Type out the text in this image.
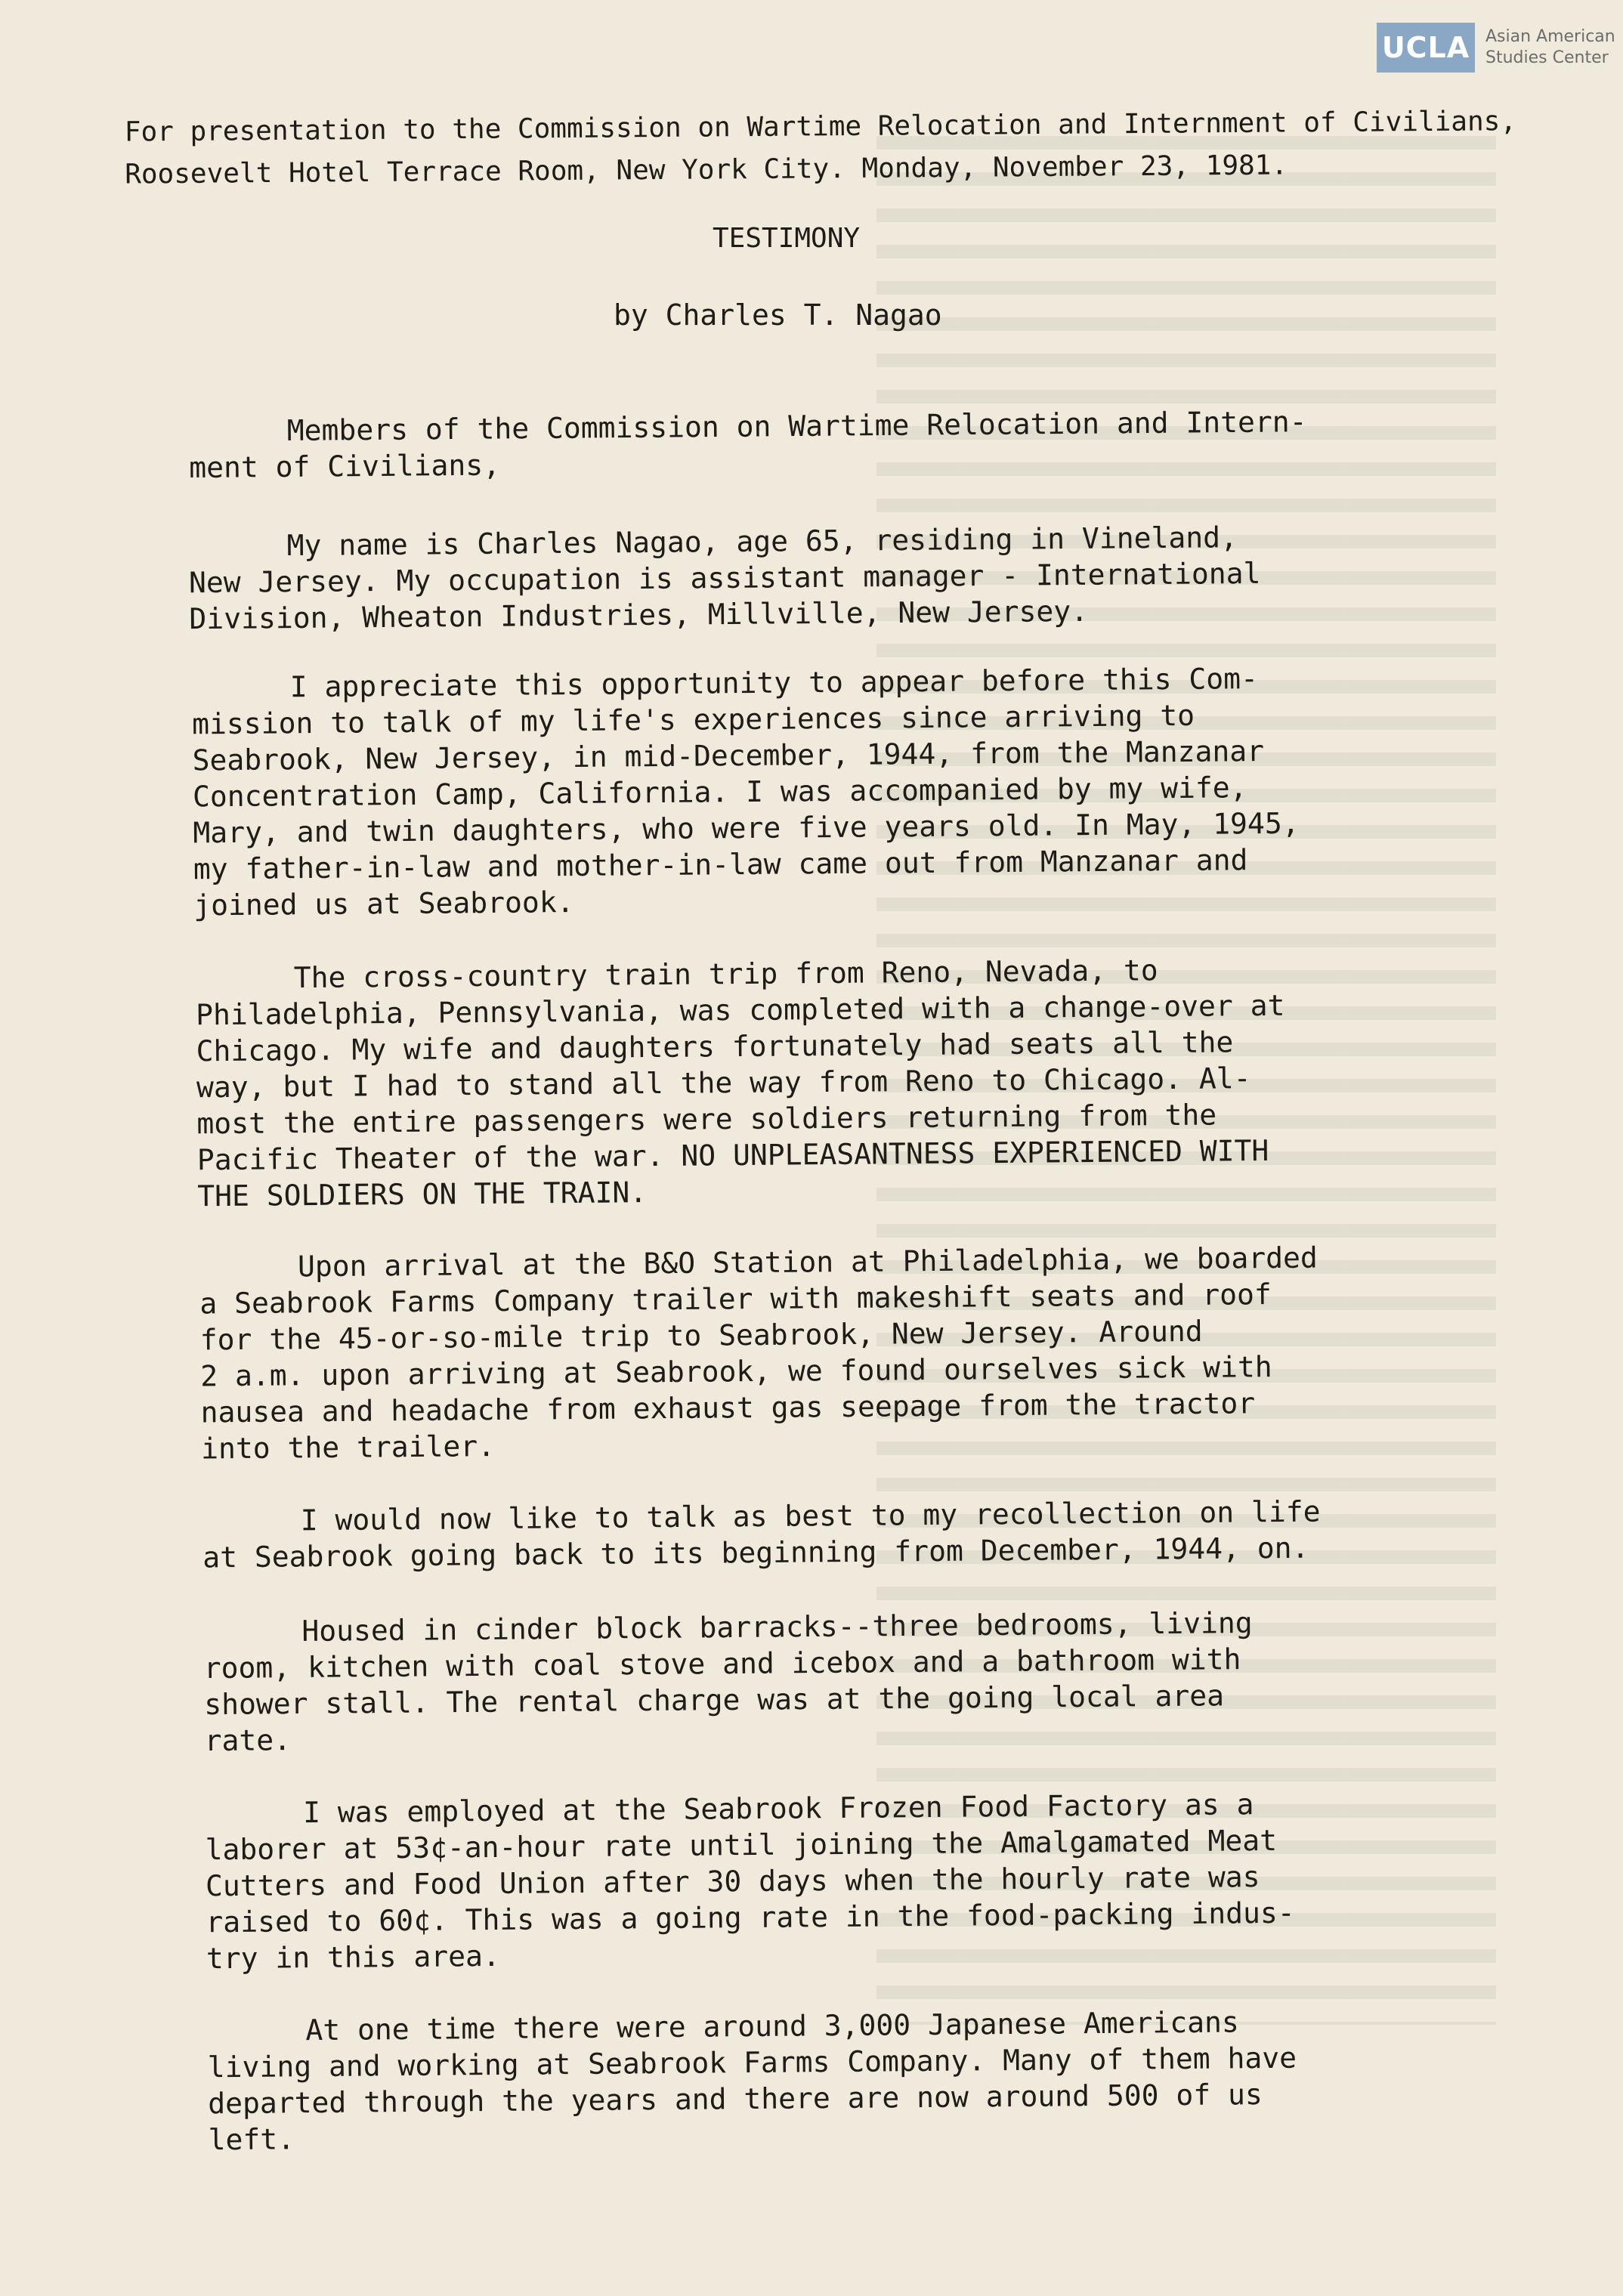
UCLA Asian American
Studies Center
For presentation to the Commission on Wartime Relocation and Internment of Civilians,
Roosevelt Hotel Terrace Room, New York City. Monday, November 23, 1981.
TESTIMONY
by Charles T. Nagao
Members of the Commission on Wartime Relocation and Intern-
ment of Civilians,
My name is Charles Nagao, age 65, residing in Vineland,
New Jersey. My occupation is assistant manager - International
Division, Wheaton Industries, Millville, New Jersey.
I appreciate this opportunity to appear before this Com-
mission to talk of my life's experiences since arriving to
Seabrook, New Jersey, in mid-December, 1944, from the Manzanar
Concentration Camp, California. I was accompanied by my wife,
Mary, and twin daughters, who were five years old. In May, 1945,
my father-in-law and mother-in-law came out from Manzanar and
joined us at Seabrook.
The cross-country train trip from Reno, Nevada, to
Philadelphia, Pennsylvania, was completed with a change-over at
Chicago. My wife and daughters fortunately had seats all the
way, but I had to stand all the way from Reno to Chicago. Al-
most the entire passengers were soldiers returning from the
Pacific Theater of the war. NO UNPLEASANTNESS EXPERIENCED WITH
THE SOLDIERS ON THE TRAIN.
Upon arrival at the B&O Station at Philadelphia, we boarded
a Seabrook Farms Company trailer with makeshift seats and roof
for the 45-or-so-mile trip to Seabrook, New Jersey. Around
2 a.m. upon arriving at Seabrook, we found ourselves sick with
nausea and headache from exhaust gas seepage from the tractor
into the trailer.
I would now like to talk as best to my recollection on life
at Seabrook going back to its beginning from December, 1944, on.
Housed in cinder block barracks--three bedrooms, living
room, kitchen with coal stove and icebox and a bathroom with
shower stall. The rental charge was at the going local area
rate.
I was employed at the Seabrook Frozen Food Factory as a
laborer at 53¢-an-hour rate until joining the Amalgamated Meat
Cutters and Food Union after 30 days when the hourly rate was
raised to 60¢. This was a going rate in the food-packing indus-
try in this area.
At one time there were around 3,000 Japanese Americans
living and working at Seabrook Farms Company. Many of them have
departed through the years and there are now around 500 of us
left.
